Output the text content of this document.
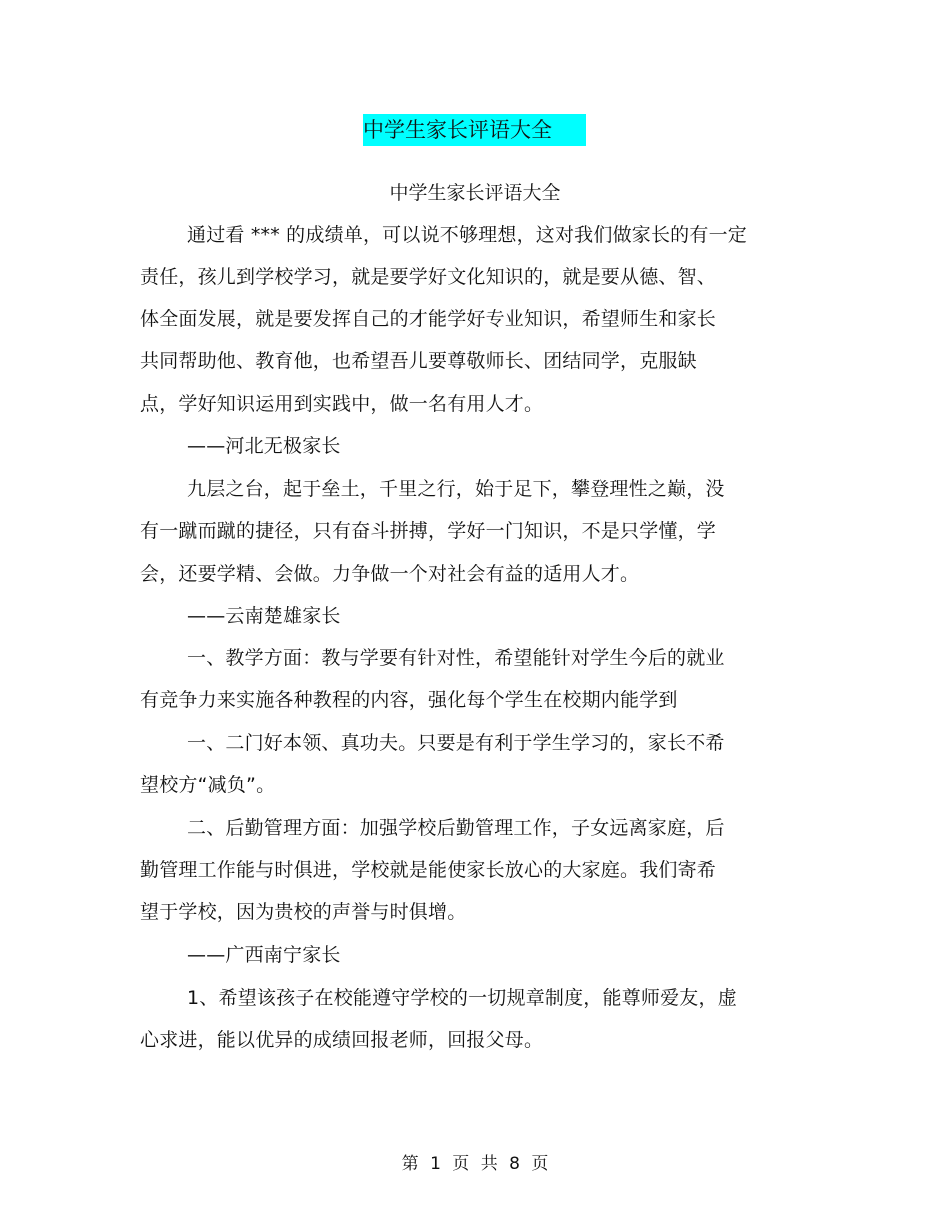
中学生家长评语大全
中学生家长评语大全
通过看 *** 的成绩单，可以说不够理想，这对我们做家长的有一定
责任，孩儿到学校学习，就是要学好文化知识的，就是要从德、智、
体全面发展，就是要发挥自己的才能学好专业知识，希望师生和家长
共同帮助他、教育他，也希望吾儿要尊敬师长、团结同学，克服缺
点，学好知识运用到实践中，做一名有用人才。
——河北无极家长
九层之台，起于垒土，千里之行，始于足下，攀登理性之巅，没
有一蹴而蹴的捷径，只有奋斗拼搏，学好一门知识，不是只学懂，学
会，还要学精、会做。力争做一个对社会有益的适用人才。
——云南楚雄家长
一、教学方面：教与学要有针对性，希望能针对学生今后的就业
有竞争力来实施各种教程的内容，强化每个学生在校期内能学到
一、二门好本领、真功夫。只要是有利于学生学习的，家长不希
望校方“减负”。
二、后勤管理方面：加强学校后勤管理工作，子女远离家庭，后
勤管理工作能与时俱进，学校就是能使家长放心的大家庭。我们寄希
望于学校，因为贵校的声誉与时俱增。
——广西南宁家长
1、希望该孩子在校能遵守学校的一切规章制度，能尊师爱友，虚
心求进，能以优异的成绩回报老师，回报父母。
第 1 页 共 8 页
